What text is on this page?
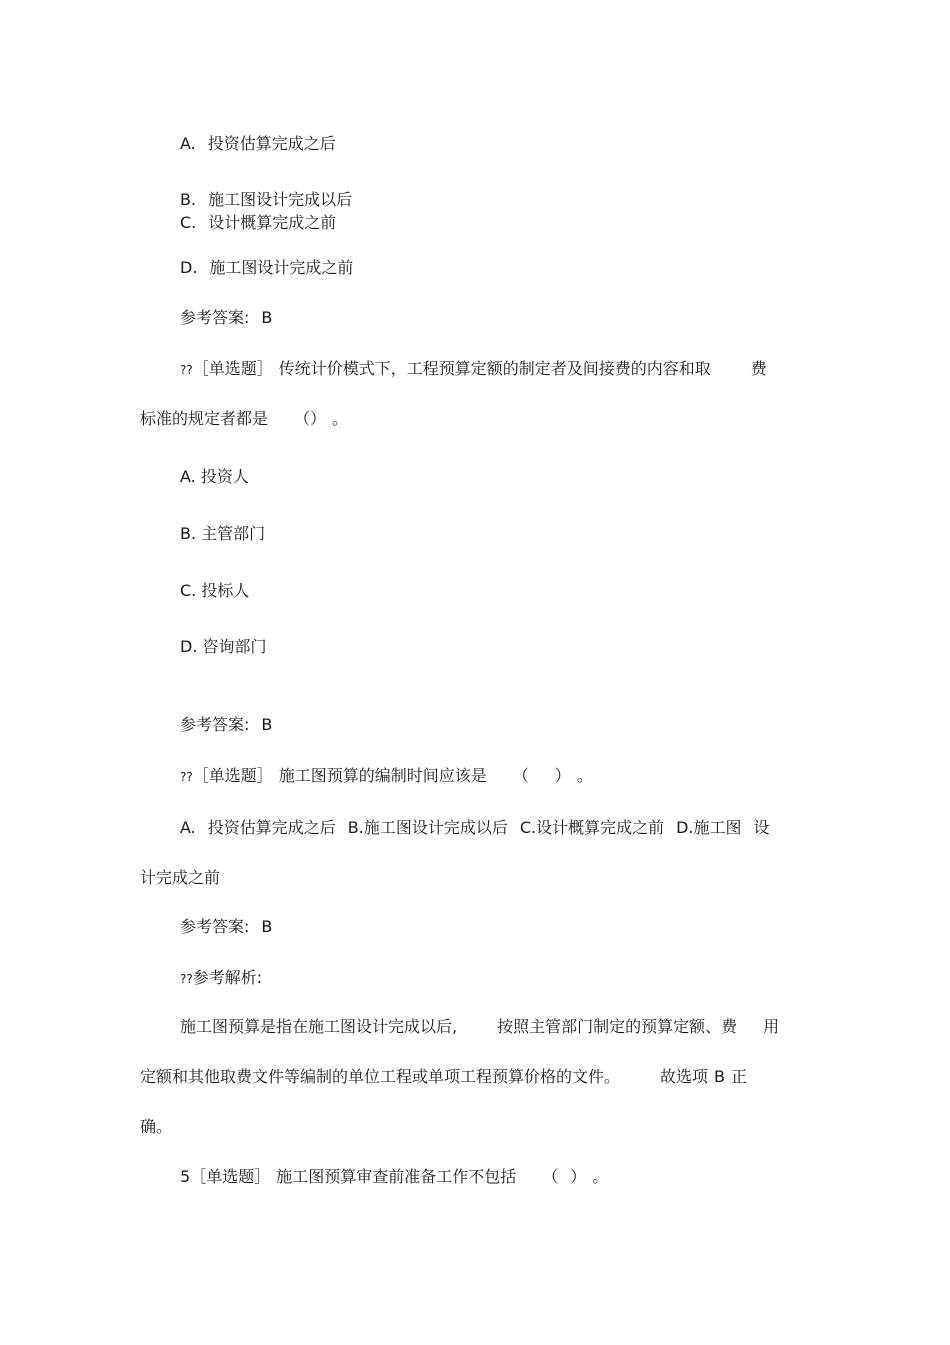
A. 投资估算完成之后
B. 施工图设计完成以后
C. 设计概算完成之前
D. 施工图设计完成之前
参考答案: B
??［单选题］ 传统计价模式下，工程预算定额的制定者及间接费的内容和取	费
标准的规定者都是 （） 。
A. 投资人
B. 主管部门
C. 投标人
D. 咨询部门
参考答案: B
??［单选题］ 施工图预算的编制时间应该是 （ ） 。
A. 投资估算完成之后 B.施工图设计完成以后 C.设计概算完成之前 D.施工图 设
计完成之前
参考答案: B
??参考解析:
施工图预算是指在施工图设计完成以后,	按照主管部门制定的预算定额、费 用
定额和其他取费文件等编制的单位工程或单项工程预算价格的文件。	故选项 B 正
确。
5［单选题］ 施工图预算审查前准备工作不包括 （ ） 。
